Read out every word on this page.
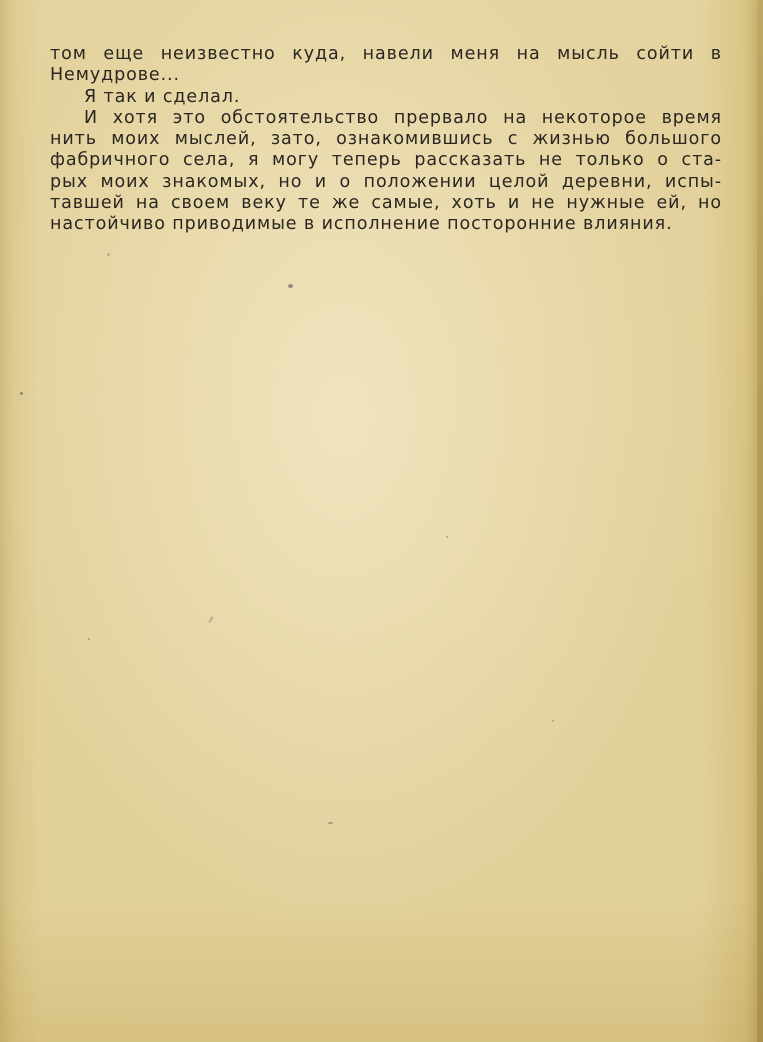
том еще неизвестно куда, навели меня на мысль сойти в
Немудрове...
Я так и сделал.
И хотя это обстоятельство прервало на некоторое время
нить моих мыслей, зато, ознакомившись с жизнью большого
фабричного села, я могу теперь рассказать не только о ста-
рых моих знакомых, но и о положении целой деревни, испы-
тавшей на своем веку те же самые, хоть и не нужные ей, но
настойчиво приводимые в исполнение посторонние влияния.
